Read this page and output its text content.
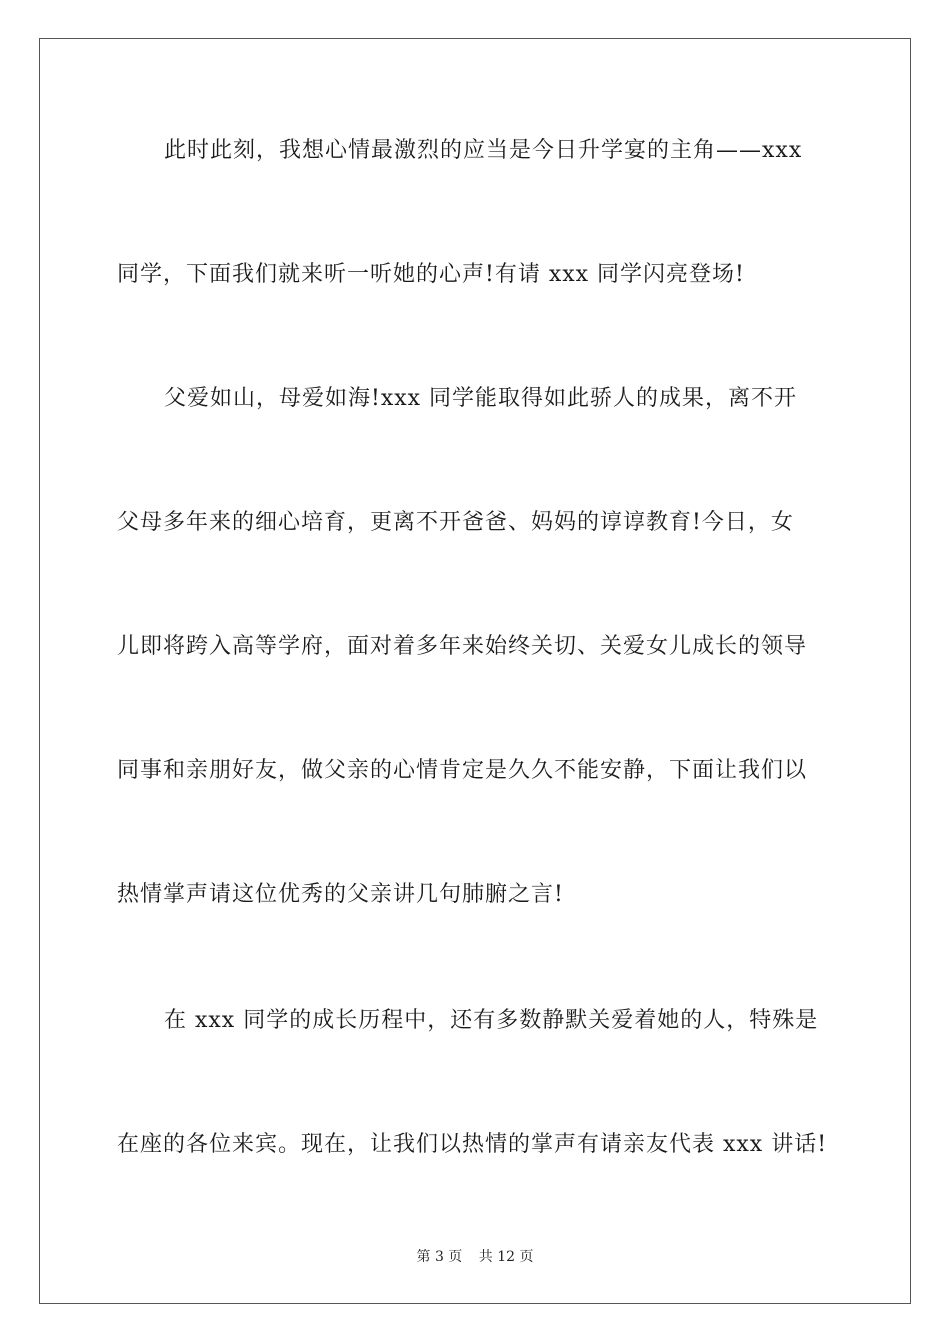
此时此刻，我想心情最激烈的应当是今日升学宴的主角——xxx
同学，下面我们就来听一听她的心声!有请 xxx 同学闪亮登场!
父爱如山，母爱如海!xxx 同学能取得如此骄人的成果，离不开
父母多年来的细心培育，更离不开爸爸、妈妈的谆谆教育!今日，女
儿即将跨入高等学府，面对着多年来始终关切、关爱女儿成长的领导
同事和亲朋好友，做父亲的心情肯定是久久不能安静，下面让我们以
热情掌声请这位优秀的父亲讲几句肺腑之言!
在 xxx 同学的成长历程中，还有多数静默关爱着她的人，特殊是
在座的各位来宾。现在，让我们以热情的掌声有请亲友代表 xxx 讲话!
第 3 页 共 12 页
